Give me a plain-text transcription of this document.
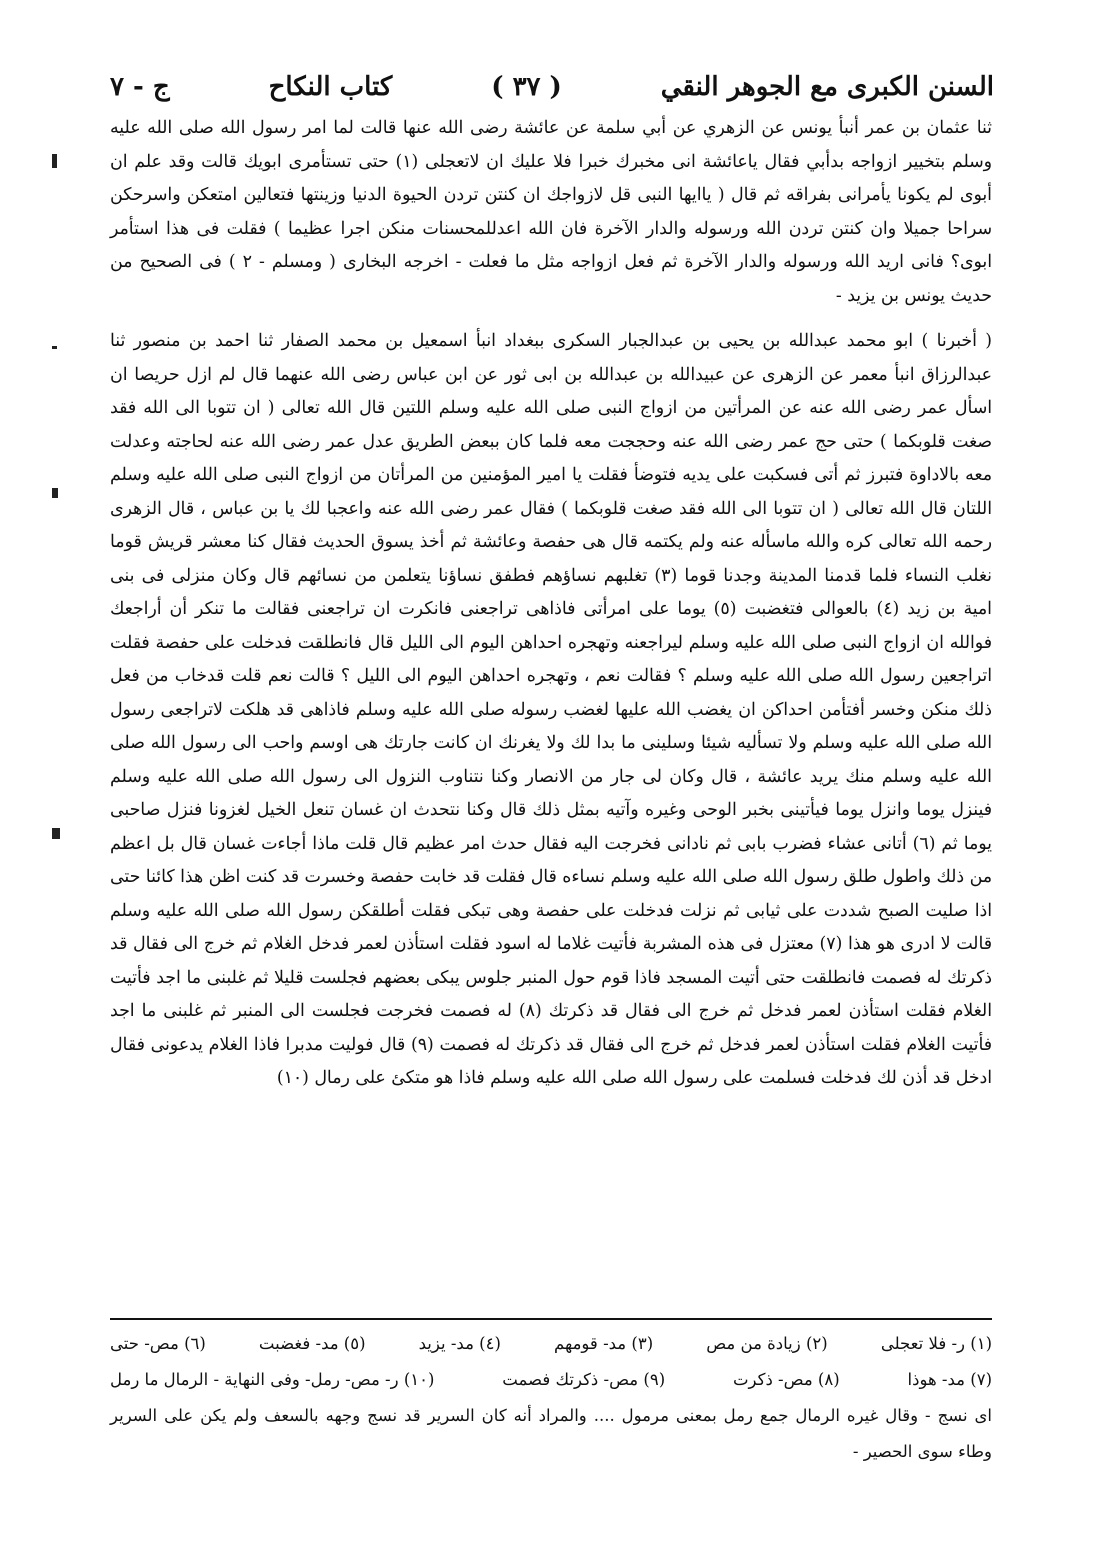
السنن الكبرى مع الجوهر النقي
( ٣٧ )
كتاب النكاح
ج - ٧

ثنا عثمان بن عمر أنبأ يونس عن الزهري عن أبي سلمة عن عائشة رضى الله عنها قالت لما امر رسول الله صلى الله عليه وسلم بتخيير ازواجه بدأبي فقال ياعائشة انى مخبرك خبرا فلا عليك ان لاتعجلى (١) حتى تستأمرى ابويك قالت وقد علم ان أبوى لم يكونا يأمرانى بفراقه ثم قال ( ياايها النبى قل لازواجك ان كنتن تردن الحيوة الدنيا وزينتها فتعالين امتعكن واسرحكن سراحا جميلا وان كنتن تردن الله ورسوله والدار الآخرة فان الله اعدللمحسنات منكن اجرا عظيما ) فقلت فى هذا استأمر ابوى؟ فانى اريد الله ورسوله والدار الآخرة ثم فعل ازواجه مثل ما فعلت - اخرجه البخارى ( ومسلم - ٢ ) فى الصحيح من حديث يونس بن يزيد -

( أخبرنا ) ابو محمد عبدالله بن يحيى بن عبدالجبار السكرى ببغداد انبأ اسمعيل بن محمد الصفار ثنا احمد بن منصور ثنا عبدالرزاق انبأ معمر عن الزهرى عن عبيدالله بن عبدالله بن ابى ثور عن ابن عباس رضى الله عنهما قال لم ازل حريصا ان اسأل عمر رضى الله عنه عن المرأتين من ازواج النبى صلى الله عليه وسلم اللتين قال الله تعالى ( ان تتوبا الى الله فقد صغت قلوبكما ) حتى حج عمر رضى الله عنه وحججت معه فلما كان ببعض الطريق عدل عمر رضى الله عنه لحاجته وعدلت معه بالاداوة فتبرز ثم أتى فسكبت على يديه فتوضأ فقلت يا امير المؤمنين من المرأتان من ازواج النبى صلى الله عليه وسلم اللتان قال الله تعالى ( ان تتوبا الى الله فقد صغت قلوبكما ) فقال عمر رضى الله عنه واعجبا لك يا بن عباس ، قال الزهرى رحمه الله تعالى كره والله ماسأله عنه ولم يكتمه قال هى حفصة وعائشة ثم أخذ يسوق الحديث فقال كنا معشر قريش قوما نغلب النساء فلما قدمنا المدينة وجدنا قوما (٣) تغلبهم نساؤهم فطفق نساؤنا يتعلمن من نسائهم قال وكان منزلى فى بنى امية بن زيد (٤) بالعوالى فتغضبت (٥) يوما على امرأتى فاذاهى تراجعنى فانكرت ان تراجعنى فقالت ما تنكر أن أراجعك فوالله ان ازواج النبى صلى الله عليه وسلم ليراجعنه وتهجره احداهن اليوم الى الليل قال فانطلقت فدخلت على حفصة فقلت اتراجعين رسول الله صلى الله عليه وسلم ؟ فقالت نعم ، وتهجره احداهن اليوم الى الليل ؟ قالت نعم قلت قدخاب من فعل ذلك منكن وخسر أفتأمن احداكن ان يغضب الله عليها لغضب رسوله صلى الله عليه وسلم فاذاهى قد هلكت لاتراجعى رسول الله صلى الله عليه وسلم ولا تسأليه شيئا وسلينى ما بدا لك ولا يغرنك ان كانت جارتك هى اوسم واحب الى رسول الله صلى الله عليه وسلم منك يريد عائشة ، قال وكان لى جار من الانصار وكنا نتناوب النزول الى رسول الله صلى الله عليه وسلم فينزل يوما وانزل يوما فيأتينى بخبر الوحى وغيره وآتيه بمثل ذلك قال وكنا نتحدث ان غسان تنعل الخيل لغزونا فنزل صاحبى يوما ثم (٦) أتانى عشاء فضرب بابى ثم نادانى فخرجت اليه فقال حدث امر عظيم قال قلت ماذا أجاءت غسان قال بل اعظم من ذلك واطول طلق رسول الله صلى الله عليه وسلم نساءه قال فقلت قد خابت حفصة وخسرت قد كنت اظن هذا كائنا حتى اذا صليت الصبح شددت على ثيابى ثم نزلت فدخلت على حفصة وهى تبكى فقلت أطلقكن رسول الله صلى الله عليه وسلم قالت لا ادرى هو هذا (٧) معتزل فى هذه المشربة فأتيت غلاما له اسود فقلت استأذن لعمر فدخل الغلام ثم خرج الى فقال قد ذكرتك له فصمت فانطلقت حتى أتيت المسجد فاذا قوم حول المنبر جلوس يبكى بعضهم فجلست قليلا ثم غلبنى ما اجد فأتيت الغلام فقلت استأذن لعمر فدخل ثم خرج الى فقال قد ذكرتك (٨) له فصمت فخرجت فجلست الى المنبر ثم غلبنى ما اجد فأتيت الغلام فقلت استأذن لعمر فدخل ثم خرج الى فقال قد ذكرتك له فصمت (٩) قال فوليت مدبرا فاذا الغلام يدعونى فقال ادخل قد أذن لك فدخلت فسلمت على رسول الله صلى الله عليه وسلم فاذا هو متكئ على رمال (١٠)

(١) ر- فلا تعجلى
(٢) زيادة من مص
(٣) مد- قومهم
(٤) مد- يزيد
(٥) مد- فغضبت
(٦) مص- حتى
(٧) مد- هوذا
(٨) مص- ذكرت
(٩) مص- ذكرتك فصمت
(١٠) ر- مص- رمل- وفى النهاية - الرمال ما رمل

اى نسج - وقال غيره الرمال جمع رمل بمعنى مرمول .... والمراد أنه كان السرير قد نسج وجهه بالسعف ولم يكن على السرير وطاء سوى الحصير -
